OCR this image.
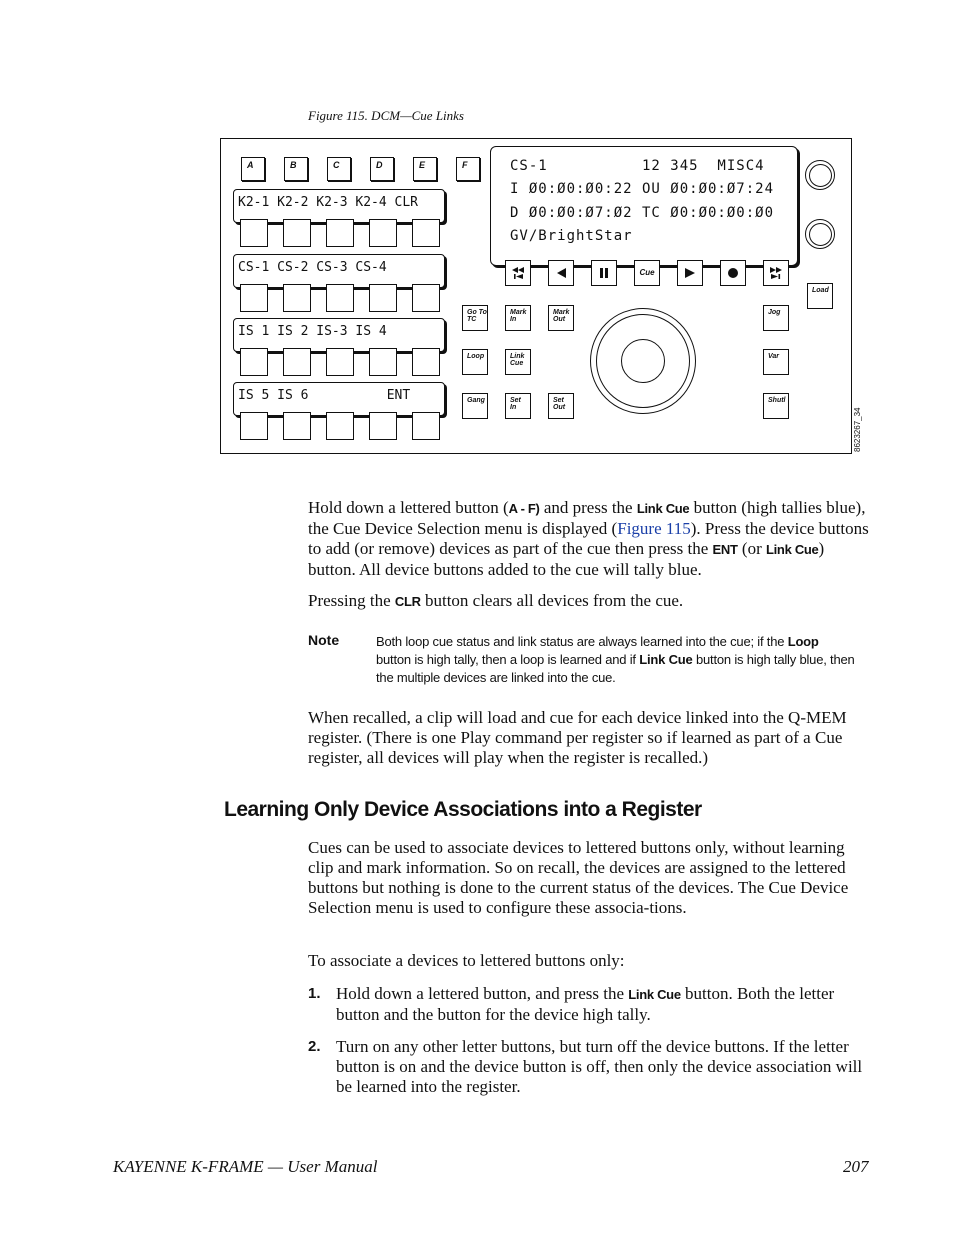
Figure 115. DCM—Cue Links
A	B	C	D	E	F
K2-1 K2-2 K2-3 K2-4 CLR
CS-1 CS-2 CS-3 CS-4
IS 1 IS 2 IS-3 IS 4
IS 5 IS 6          ENT
CS-1          12 345  MISC4
I Ø0:Ø0:Ø0:22 OU Ø0:Ø0:Ø7:24
D Ø0:Ø0:Ø7:Ø2 TC Ø0:Ø0:Ø0:Ø0
GV/BrightStar
Cue
Load
Go To
TC
Mark
In
Mark
Out
Jog
Loop	Link
Cue
Var
Gang	Set
In
Set
Out
Shutl
8623267_34
Hold down a lettered button (A - F) and press the Link Cue button (high tallies blue), the Cue Device Selection menu is displayed (Figure 115). Press the device buttons to add (or remove) devices as part of the cue then press the ENT (or Link Cue) button. All device buttons added to the cue will tally blue.
Pressing the CLR button clears all devices from the cue.
Note	Both loop cue status and link status are always learned into the cue; if the Loop button is high tally, then a loop is learned and if Link Cue button is high tally blue, then the multiple devices are linked into the cue.
When recalled, a clip will load and cue for each device linked into the Q-MEM register. (There is one Play command per register so if learned as part of a Cue register, all devices will play when the register is recalled.)
Learning Only Device Associations into a Register
Cues can be used to associate devices to lettered buttons only, without learning clip and mark information. So on recall, the devices are assigned to the lettered buttons but nothing is done to the current status of the devices. The Cue Device Selection menu is used to configure these associa-tions.
To associate a devices to lettered buttons only:
1. Hold down a lettered button, and press the Link Cue button. Both the letter button and the button for the device high tally.
2. Turn on any other letter buttons, but turn off the device buttons. If the letter button is on and the device button is off, then only the device association will be learned into the register.
KAYENNE K-FRAME — User Manual	207
